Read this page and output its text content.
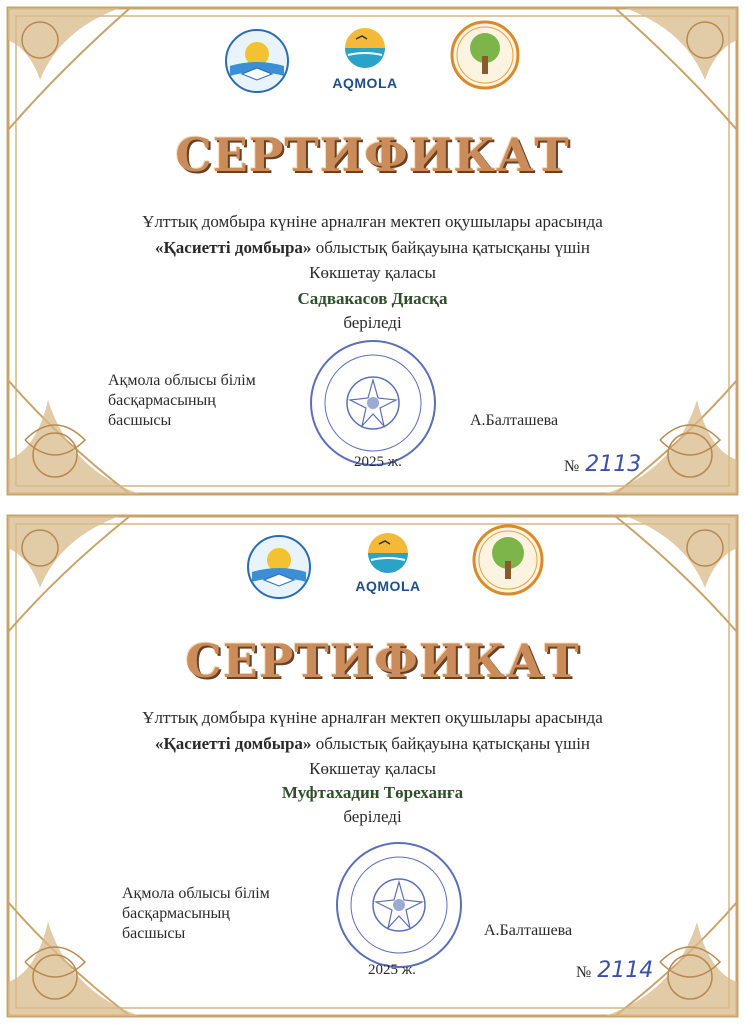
AQMOLA
СЕРТИФИКАТ
Ұлттық домбыра күніне арналған мектеп оқушылары арасында
«Қасиетті домбыра» облыстық байқауына қатысқаны үшін
Көкшетау қаласы
Садвакасов Диасқа
беріледі
Ақмола облысы білім
басқармасының
басшысы	А.Балташева
2025 ж.	№ 2113
AQMOLA
СЕРТИФИКАТ
Ұлттық домбыра күніне арналған мектеп оқушылары арасында
«Қасиетті домбыра» облыстық байқауына қатысқаны үшін
Көкшетау қаласы
Муфтахадин Төреханға
беріледі
Ақмола облысы білім
басқармасының
басшысы	А.Балташева
2025 ж.	№ 2114
